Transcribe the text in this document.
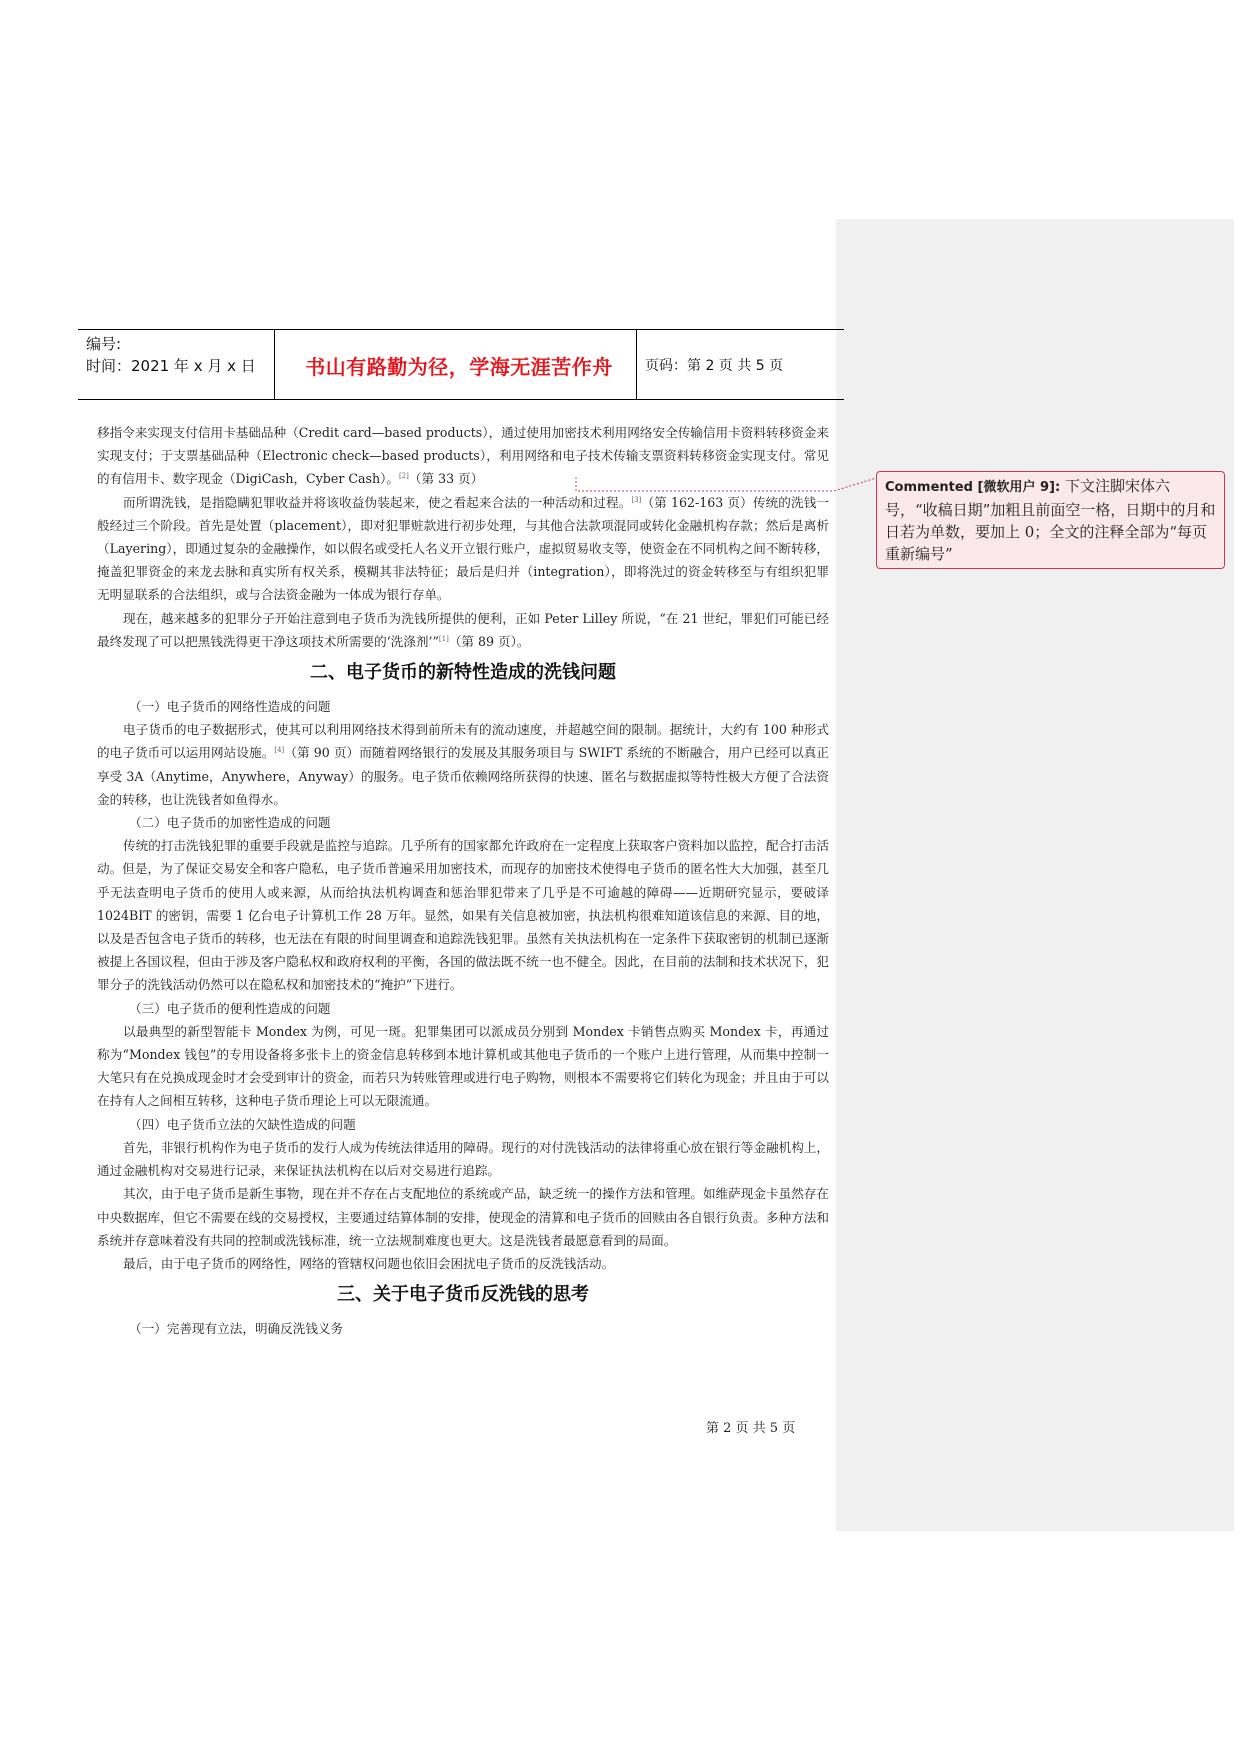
Commented [微软用户 9]: 下文注脚宋体六号，“收稿日期”加粗且前面空一格，日期中的月和日若为单数，要加上 0；全文的注释全部为“每页重新编号”
编号:
时间：2021 年 x 月 x 日	书山有路勤为径，学海无涯苦作舟	页码：第 2 页 共 5 页

移指令来实现支付信用卡基础品种（Credit card—based products），通过使用加密技术利用网络安全传输信用卡资料转移资金来实现支付；于支票基础品种（Electronic check—based products），利用网络和电子技术传输支票资料转移资金实现支付。常见的有信用卡、数字现金（DigiCash，Cyber Cash）。[2]（第 33 页）

而所谓洗钱，是指隐瞒犯罪收益并将该收益伪装起来，使之看起来合法的一种活动和过程。[3]（第 162-163 页）传统的洗钱一般经过三个阶段。首先是处置（placement），即对犯罪赃款进行初步处理，与其他合法款项混同或转化金融机构存款；然后是离析（Layering），即通过复杂的金融操作，如以假名或受托人名义开立银行账户，虚拟贸易收支等，使资金在不同机构之间不断转移，掩盖犯罪资金的来龙去脉和真实所有权关系，模糊其非法特征；最后是归并（integration），即将洗过的资金转移至与有组织犯罪无明显联系的合法组织，或与合法资金融为一体成为银行存单。

现在，越来越多的犯罪分子开始注意到电子货币为洗钱所提供的便利，正如 Peter Lilley 所说，“在 21 世纪，罪犯们可能已经最终发现了可以把黑钱洗得更干净这项技术所需要的‘洗涤剂’”[1]（第 89 页）。

二、电子货币的新特性造成的洗钱问题

（一）电子货币的网络性造成的问题

电子货币的电子数据形式，使其可以利用网络技术得到前所未有的流动速度，并超越空间的限制。据统计，大约有 100 种形式的电子货币可以运用网站设施。[4]（第 90 页）而随着网络银行的发展及其服务项目与 SWIFT 系统的不断融合，用户已经可以真正享受 3A（Anytime，Anywhere，Anyway）的服务。电子货币依赖网络所获得的快速、匿名与数据虚拟等特性极大方便了合法资金的转移，也让洗钱者如鱼得水。

（二）电子货币的加密性造成的问题

传统的打击洗钱犯罪的重要手段就是监控与追踪。几乎所有的国家都允许政府在一定程度上获取客户资料加以监控，配合打击活动。但是，为了保证交易安全和客户隐私，电子货币普遍采用加密技术，而现存的加密技术使得电子货币的匿名性大大加强，甚至几乎无法查明电子货币的使用人或来源，从而给执法机构调查和惩治罪犯带来了几乎是不可逾越的障碍——近期研究显示，要破译 1024BIT 的密钥，需要 1 亿台电子计算机工作 28 万年。显然，如果有关信息被加密，执法机构很难知道该信息的来源、目的地，以及是否包含电子货币的转移，也无法在有限的时间里调查和追踪洗钱犯罪。虽然有关执法机构在一定条件下获取密钥的机制已逐渐被提上各国议程，但由于涉及客户隐私权和政府权利的平衡，各国的做法既不统一也不健全。因此，在目前的法制和技术状况下，犯罪分子的洗钱活动仍然可以在隐私权和加密技术的“掩护”下进行。

（三）电子货币的便利性造成的问题

以最典型的新型智能卡 Mondex 为例，可见一斑。犯罪集团可以派成员分别到 Mondex 卡销售点购买 Mondex 卡，再通过称为“Mondex 钱包”的专用设备将多张卡上的资金信息转移到本地计算机或其他电子货币的一个账户上进行管理，从而集中控制一大笔只有在兑换成现金时才会受到审计的资金，而若只为转账管理或进行电子购物，则根本不需要将它们转化为现金；并且由于可以在持有人之间相互转移，这种电子货币理论上可以无限流通。

（四）电子货币立法的欠缺性造成的问题

首先，非银行机构作为电子货币的发行人成为传统法律适用的障碍。现行的对付洗钱活动的法律将重心放在银行等金融机构上，通过金融机构对交易进行记录，来保证执法机构在以后对交易进行追踪。

其次，由于电子货币是新生事物，现在并不存在占支配地位的系统或产品，缺乏统一的操作方法和管理。如维萨现金卡虽然存在中央数据库，但它不需要在线的交易授权，主要通过结算体制的安排，使现金的清算和电子货币的回赎由各自银行负责。多种方法和系统并存意味着没有共同的控制或洗钱标准，统一立法规制难度也更大。这是洗钱者最愿意看到的局面。

最后，由于电子货币的网络性，网络的管辖权问题也依旧会困扰电子货币的反洗钱活动。

三、关于电子货币反洗钱的思考

（一）完善现有立法，明确反洗钱义务

第 2 页 共 5 页
